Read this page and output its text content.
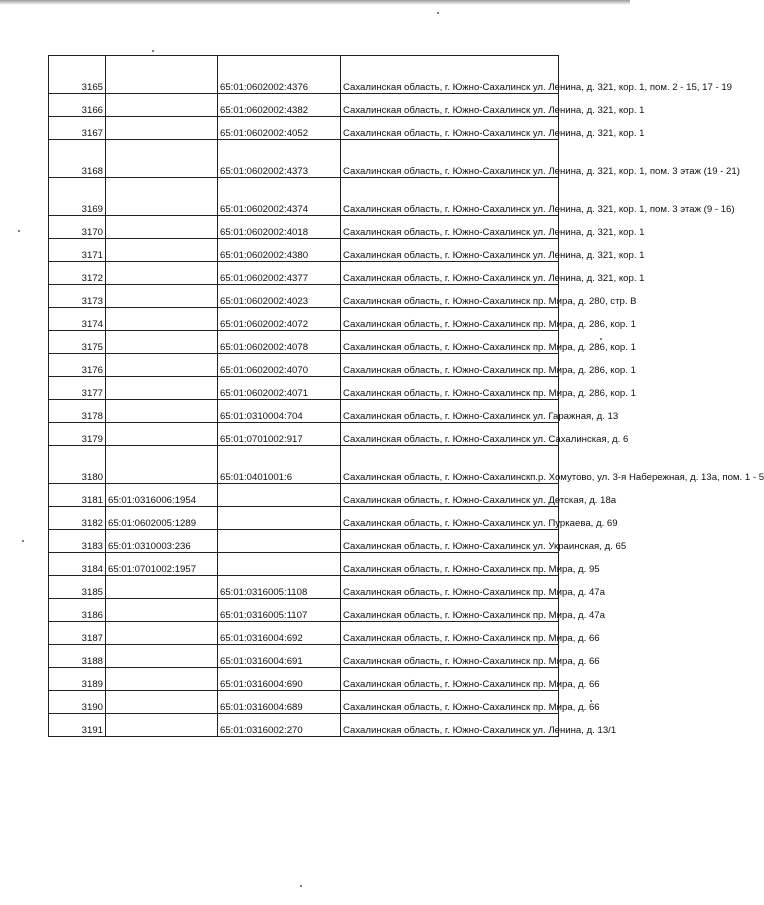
3165		65:01:0602002:4376	Сахалинская область, г. Южно-Сахалинск ул. Ленина, д. 321, кор. 1, пом. 2 - 15, 17 - 19
3166		65:01:0602002:4382	Сахалинская область, г. Южно-Сахалинск ул. Ленина, д. 321, кор. 1
3167		65:01:0602002:4052	Сахалинская область, г. Южно-Сахалинск ул. Ленина, д. 321, кор. 1
3168		65:01:0602002:4373	Сахалинская область, г. Южно-Сахалинск ул. Ленина, д. 321, кор. 1, пом. 3 этаж (19 - 21)
3169		65:01:0602002:4374	Сахалинская область, г. Южно-Сахалинск ул. Ленина, д. 321, кор. 1, пом. 3 этаж (9 - 16)
3170		65:01:0602002:4018	Сахалинская область, г. Южно-Сахалинск ул. Ленина, д. 321, кор. 1
3171		65:01:0602002:4380	Сахалинская область, г. Южно-Сахалинск ул. Ленина, д. 321, кор. 1
3172		65:01:0602002:4377	Сахалинская область, г. Южно-Сахалинск ул. Ленина, д. 321, кор. 1
3173		65:01:0602002:4023	Сахалинская область, г. Южно-Сахалинск пр. Мира, д. 280, стр. В
3174		65:01:0602002:4072	Сахалинская область, г. Южно-Сахалинск пр. Мира, д. 286, кор. 1
3175		65:01:0602002:4078	Сахалинская область, г. Южно-Сахалинск пр. Мира, д. 286, кор. 1
3176		65:01:0602002:4070	Сахалинская область, г. Южно-Сахалинск пр. Мира, д. 286, кор. 1
3177		65:01:0602002:4071	Сахалинская область, г. Южно-Сахалинск пр. Мира, д. 286, кор. 1
3178		65:01:0310004:704	Сахалинская область, г. Южно-Сахалинск ул. Гаражная, д. 13
3179		65:01:0701002:917	Сахалинская область, г. Южно-Сахалинск ул. Сахалинская, д. 6
3180		65:01:0401001:6	Сахалинская область, г. Южно-Сахалинскп.р. Хомутово, ул. 3-я Набережная, д. 13а, пом. 1 - 5
3181	65:01:0316006:1954		Сахалинская область, г. Южно-Сахалинск ул. Детская, д. 18а
3182	65:01:0602005:1289		Сахалинская область, г. Южно-Сахалинск ул. Пуркаева, д. 69
3183	65:01:0310003:236		Сахалинская область, г. Южно-Сахалинск ул. Украинская, д. 65
3184	65:01:0701002:1957		Сахалинская область, г. Южно-Сахалинск пр. Мира, д. 95
3185		65:01:0316005:1108	Сахалинская область, г. Южно-Сахалинск пр. Мира, д. 47а
3186		65:01:0316005:1107	Сахалинская область, г. Южно-Сахалинск пр. Мира, д. 47а
3187		65:01:0316004:692	Сахалинская область, г. Южно-Сахалинск пр. Мира, д. 66
3188		65:01:0316004:691	Сахалинская область, г. Южно-Сахалинск пр. Мира, д. 66
3189		65:01:0316004:690	Сахалинская область, г. Южно-Сахалинск пр. Мира, д. 66
3190		65:01:0316004:689	Сахалинская область, г. Южно-Сахалинск пр. Мира, д. 66
3191		65:01:0316002:270	Сахалинская область, г. Южно-Сахалинск ул. Ленина, д. 13/1
